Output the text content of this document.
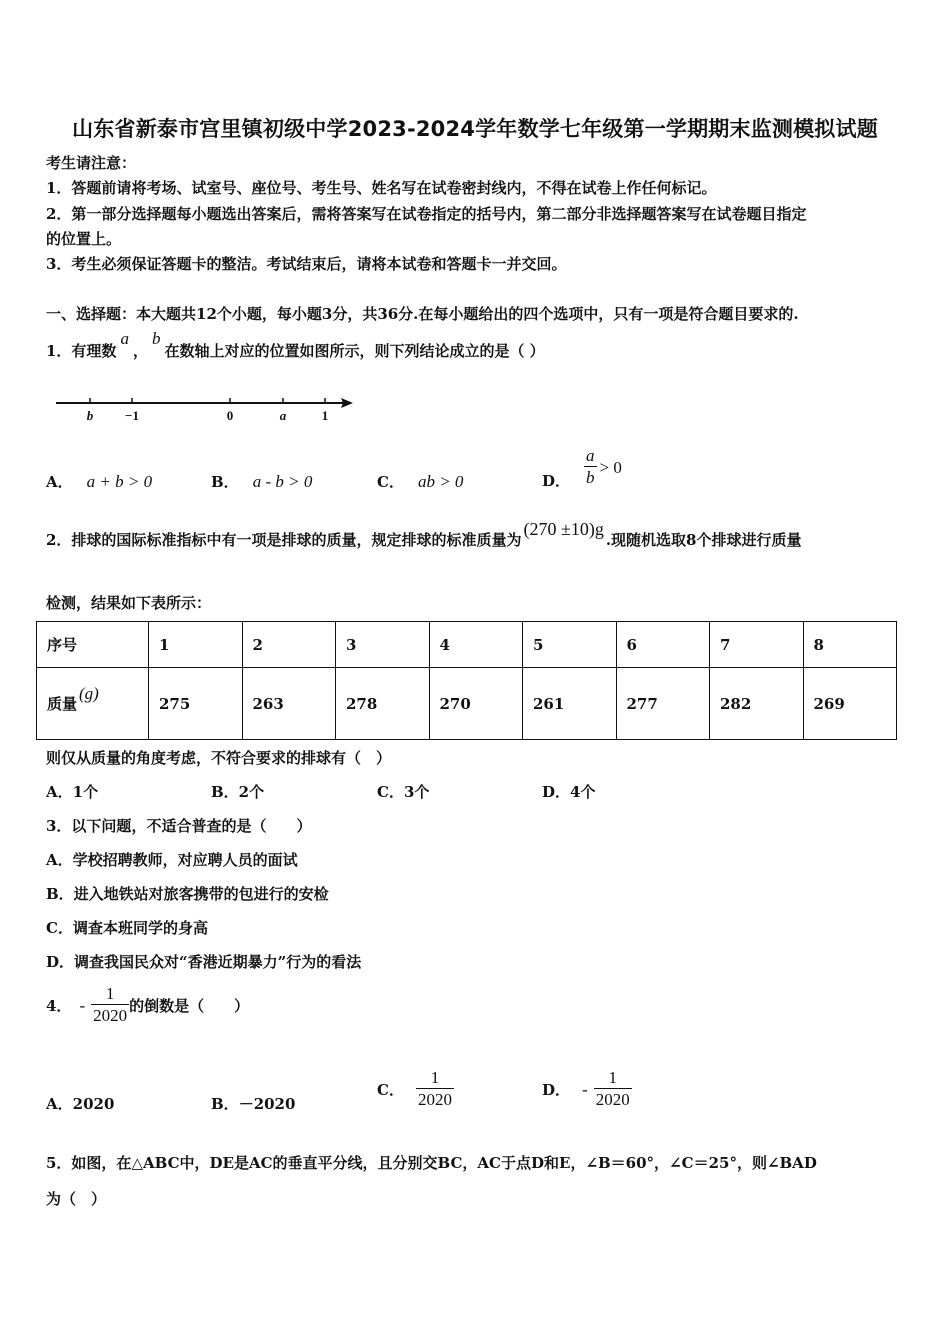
山东省新泰市宫里镇初级中学2023-2024学年数学七年级第一学期期末监测模拟试题
考生请注意：
1．答题前请将考场、试室号、座位号、考生号、姓名写在试卷密封线内，不得在试卷上作任何标记。
2．第一部分选择题每小题选出答案后，需将答案写在试卷指定的括号内，第二部分非选择题答案写在试卷题目指定
的位置上。
3．考生必须保证答题卡的整洁。考试结束后，请将本试卷和答题卡一并交回。
一、选择题：本大题共12个小题，每小题3分，共36分.在每小题给出的四个选项中，只有一项是符合题目要求的.
1．有理数a，b在数轴上对应的位置如图所示，则下列结论成立的是（ ）
b −1	0	a	1
A． a + b > 0	B． a - b > 0	C． ab > 0	D． $\frac{a}{b} > 0$
2．排球的国际标准指标中有一项是排球的质量，规定排球的标准质量为(270 ±10)g.现随机选取8个排球进行质量
检测，结果如下表所示：
序号	1	2	3	4	5	6	7	8
质量(g)	275	263	278	270	261	277	282	269
则仅从质量的角度考虑，不符合要求的排球有（　）
A．1个	B．2个	C．3个	D．4个
3．以下问题，不适合普查的是（　　）
A．学校招聘教师，对应聘人员的面试
B．进入地铁站对旅客携带的包进行的安检
C．调查本班同学的身高
D．调查我国民众对“香港近期暴力”行为的看法
4． - $\frac{1}{2020}$ 的倒数是（　　）
A．2020	B．－2020
C． $\frac{1}{2020}$	D． - $\frac{1}{2020}$
5．如图，在△ABC中，DE是AC的垂直平分线，且分别交BC，AC于点D和E，∠B＝60°，∠C＝25°，则∠BAD
为（　）
